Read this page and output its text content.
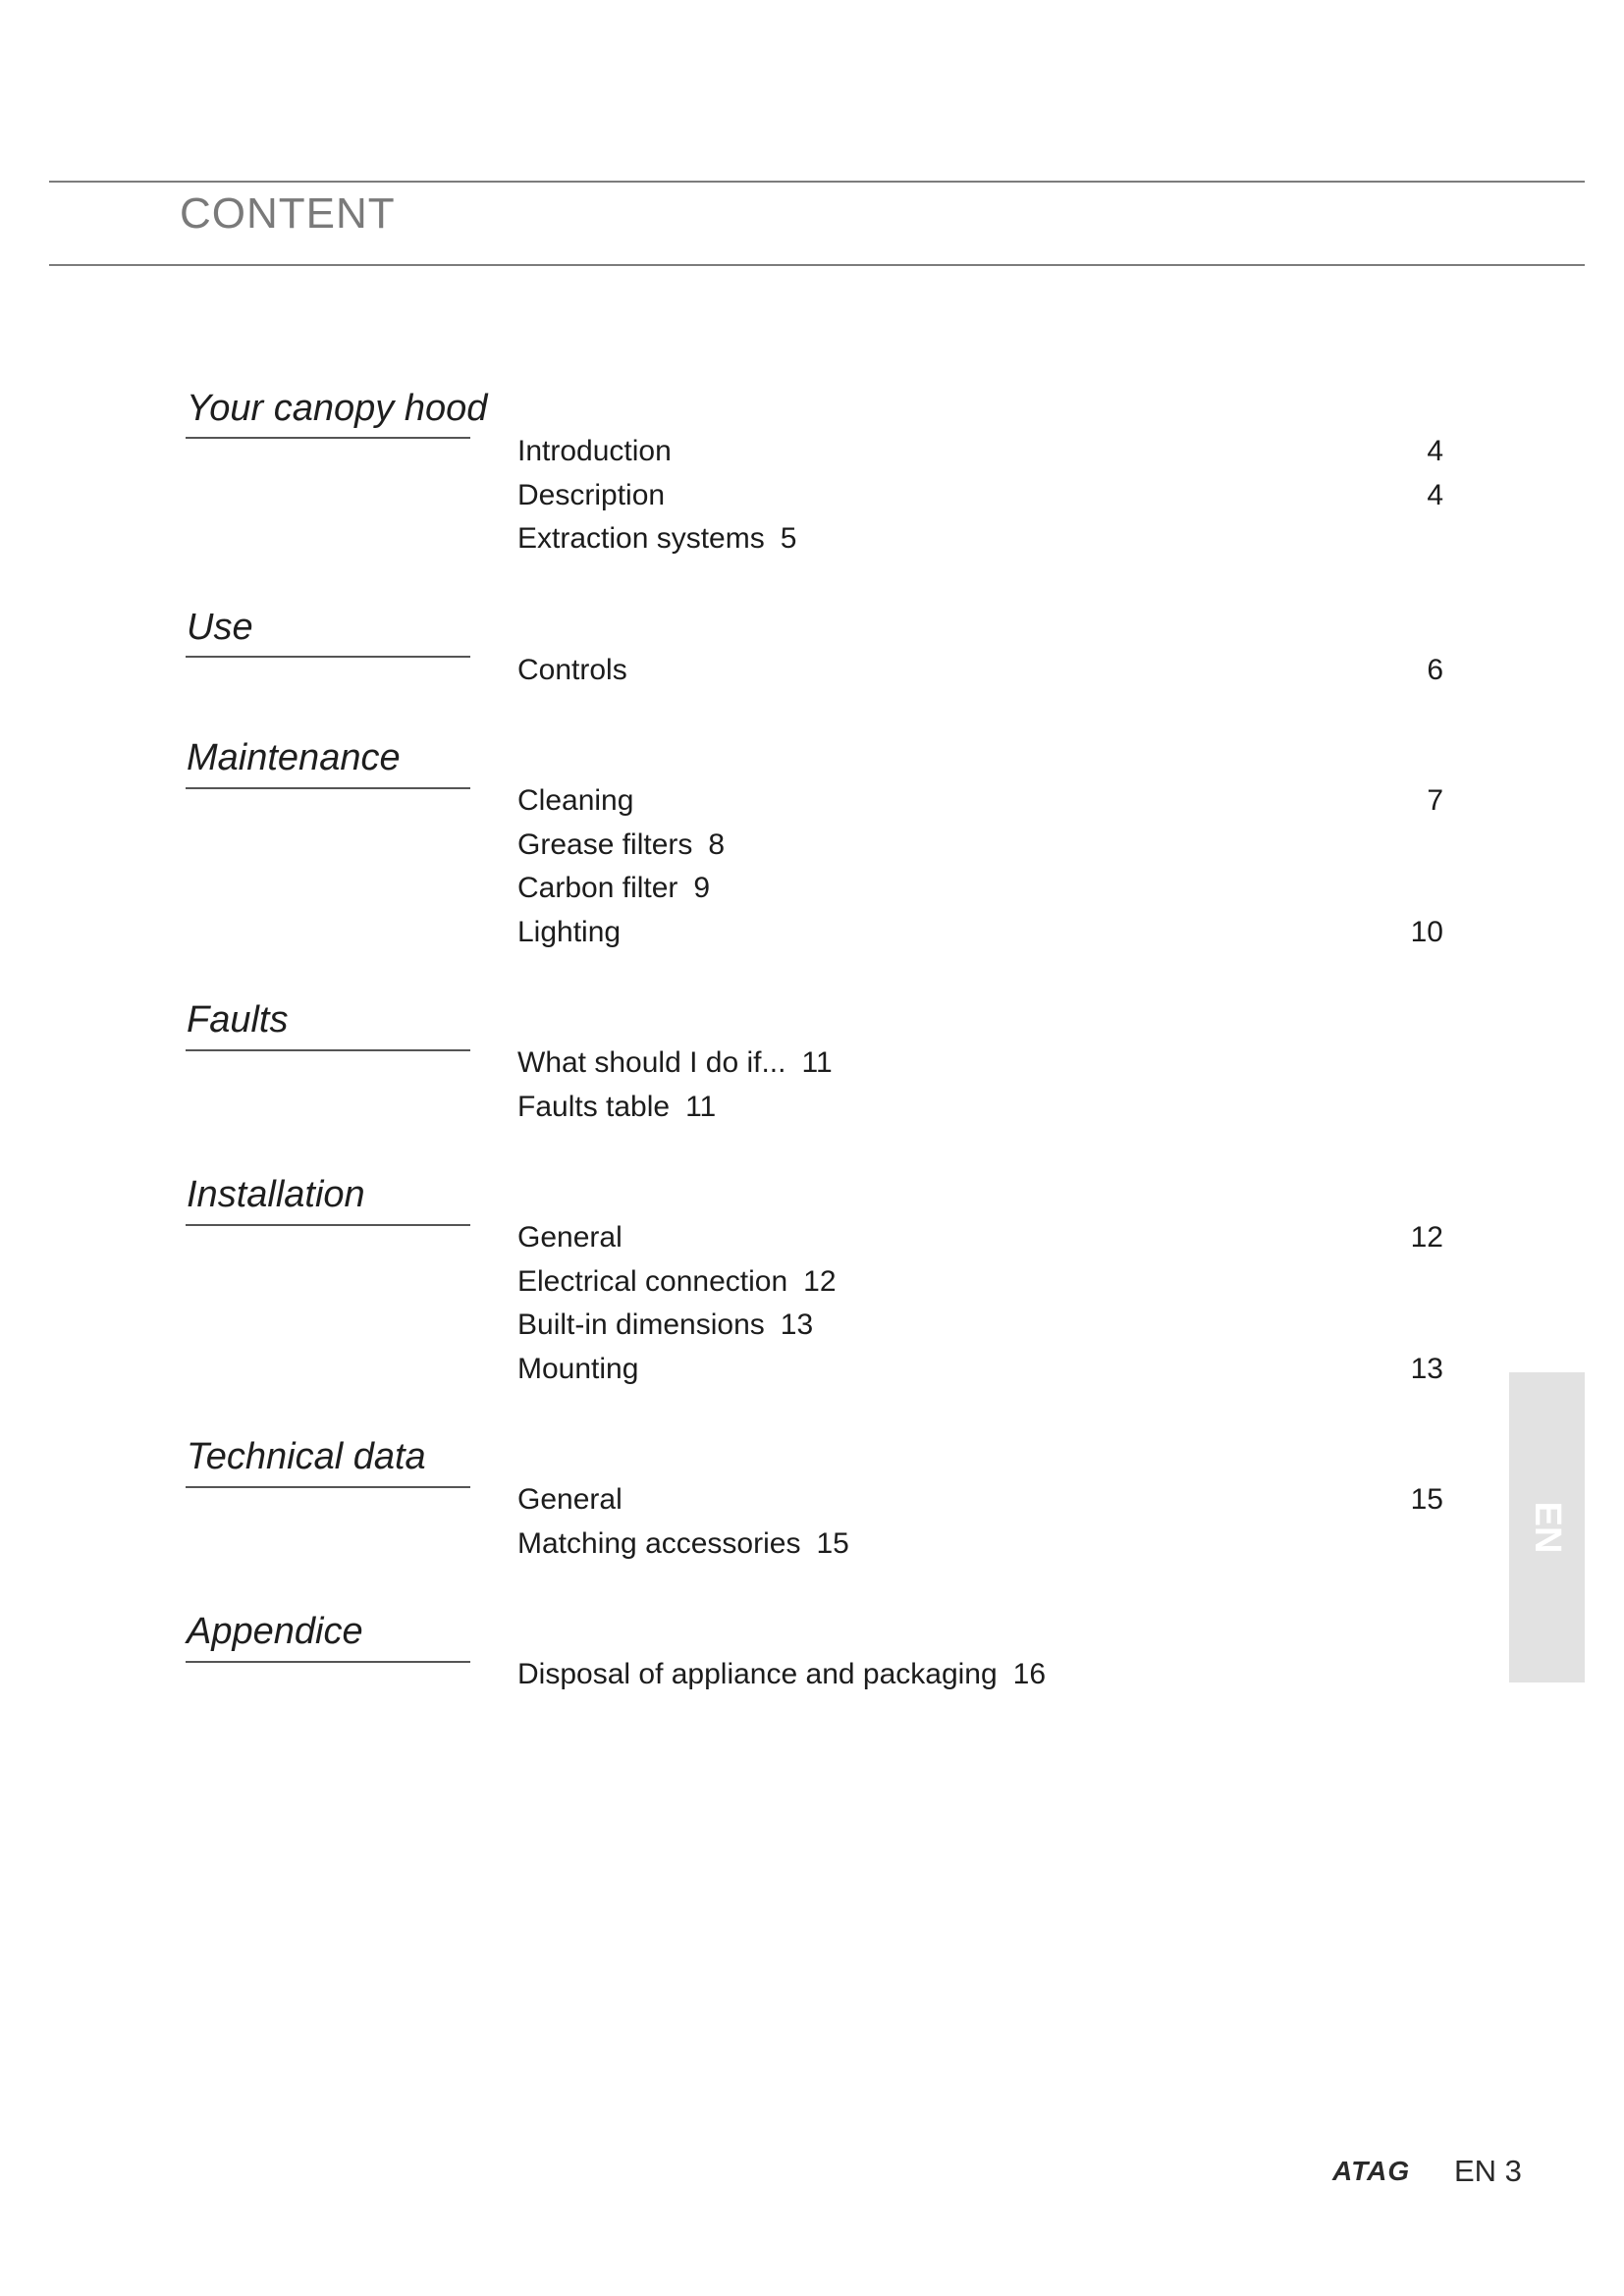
CONTENT
Your canopy hood
Introduction	4
Description	4
Extraction systems 5
Use
Controls	6
Maintenance
Cleaning	7
Grease filters 8
Carbon filter 9
Lighting	10
Faults
What should I do if... 11
Faults table 11
Installation
General	12
Electrical connection 12
Built-in dimensions 13
Mounting	13
Technical data
General	15
Matching accessories 15
Appendice
Disposal of appliance and packaging 16
EN
ATAG EN 3
